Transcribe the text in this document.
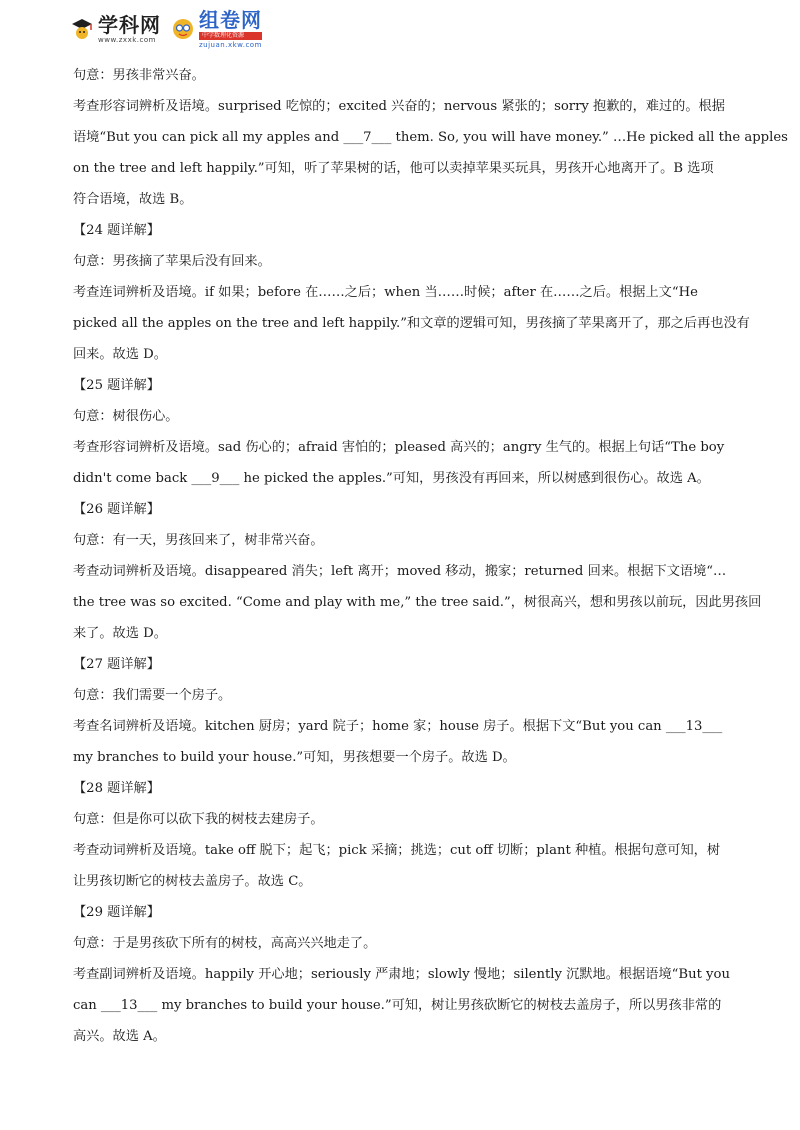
学科网
www.zxxk.com
组卷网
中学数理化资源
zujuan.xkw.com
句意：男孩非常兴奋。
考查形容词辨析及语境。surprised 吃惊的；excited 兴奋的；nervous 紧张的；sorry 抱歉的，难过的。根据
语境“But you can pick all my apples and ___7___ them. So, you will have money.” …He picked all the apples
on the tree and left happily.”可知，听了苹果树的话，他可以卖掉苹果买玩具，男孩开心地离开了。B 选项
符合语境，故选 B。
【24 题详解】
句意：男孩摘了苹果后没有回来。
考查连词辨析及语境。if 如果；before 在……之后；when 当……时候；after 在……之后。根据上文“He
picked all the apples on the tree and left happily.”和文章的逻辑可知，男孩摘了苹果离开了，那之后再也没有
回来。故选 D。
【25 题详解】
句意：树很伤心。
考查形容词辨析及语境。sad 伤心的；afraid 害怕的；pleased 高兴的；angry 生气的。根据上句话“The boy
didn't come back ___9___ he picked the apples.”可知，男孩没有再回来，所以树感到很伤心。故选 A。
【26 题详解】
句意：有一天，男孩回来了，树非常兴奋。
考查动词辨析及语境。disappeared 消失；left 离开；moved 移动，搬家；returned 回来。根据下文语境“…
the tree was so excited. “Come and play with me,” the tree said.”，树很高兴，想和男孩以前玩，因此男孩回
来了。故选 D。
【27 题详解】
句意：我们需要一个房子。
考查名词辨析及语境。kitchen 厨房；yard 院子；home 家；house 房子。根据下文“But you can ___13___
my branches to build your house.”可知，男孩想要一个房子。故选 D。
【28 题详解】
句意：但是你可以砍下我的树枝去建房子。
考查动词辨析及语境。take off 脱下；起飞；pick 采摘；挑选；cut off 切断；plant 种植。根据句意可知，树
让男孩切断它的树枝去盖房子。故选 C。
【29 题详解】
句意：于是男孩砍下所有的树枝，高高兴兴地走了。
考查副词辨析及语境。happily 开心地；seriously 严肃地；slowly 慢地；silently 沉默地。根据语境“But you
can ___13___ my branches to build your house.”可知，树让男孩砍断它的树枝去盖房子，所以男孩非常的
高兴。故选 A。
